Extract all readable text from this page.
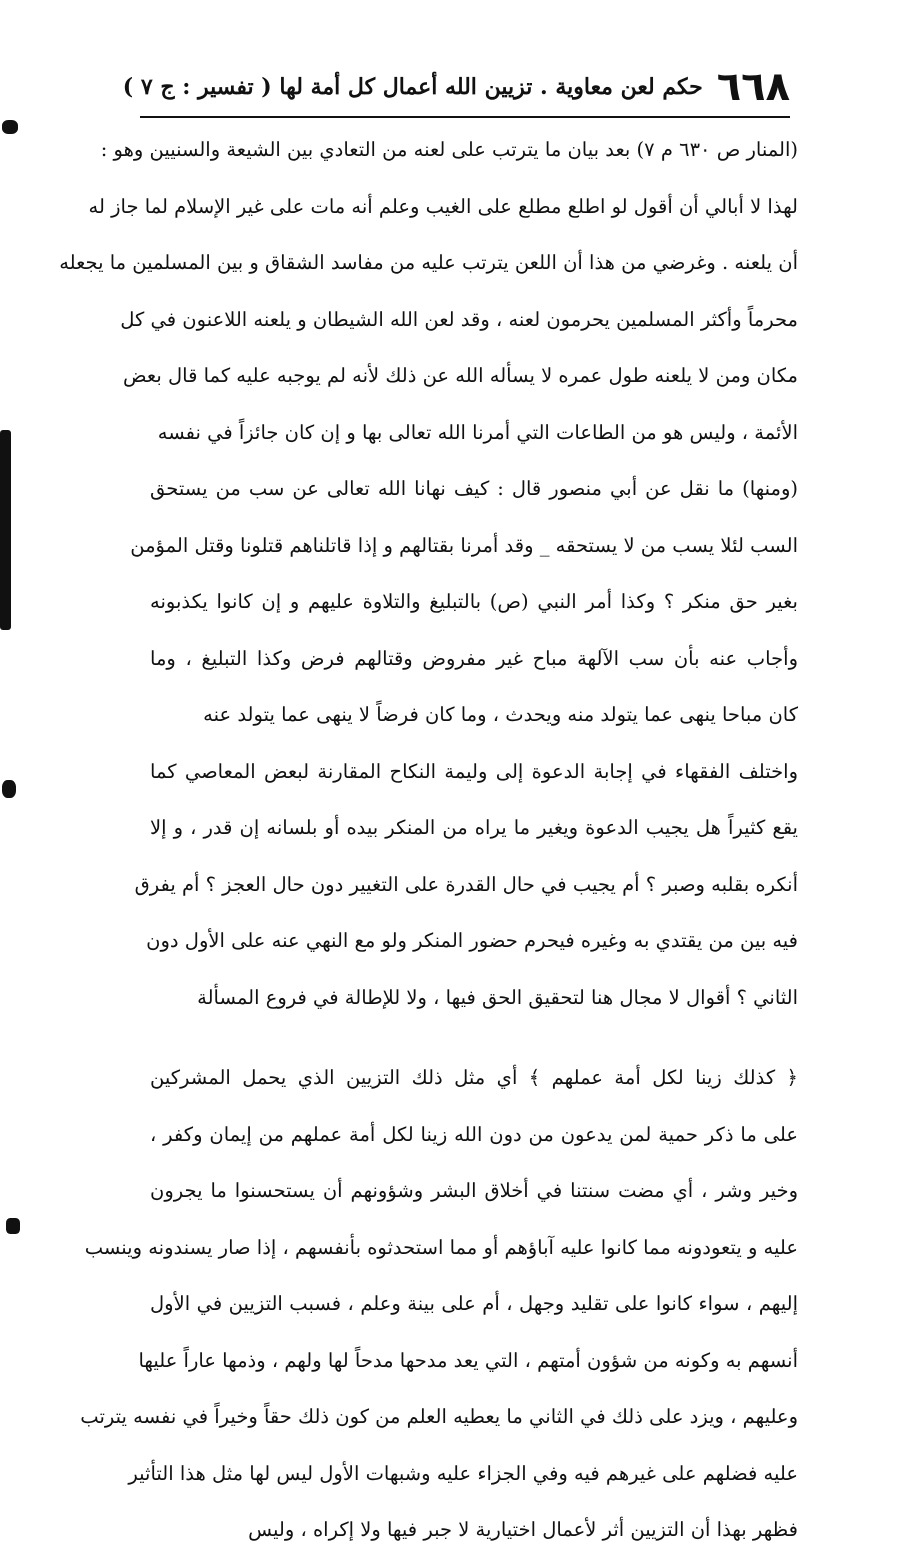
٦٦٨
حكم لعن معاوية . تزيين الله أعمال كل أمة لها ( تفسير : ج ٧ )
(المنار ص ٦٣٠ م ٧) بعد بيان ما يترتب على لعنه من التعادي بين الشيعة والسنيين وهو :
لهذا لا أبالي أن أقول لو اطلع مطلع على الغيب وعلم أنه مات على غير الإسلام لما جاز له
أن يلعنه . وغرضي من هذا أن اللعن يترتب عليه من مفاسد الشقاق و بين المسلمين ما يجعله
محرماً وأكثر المسلمين يحرمون لعنه ، وقد لعن الله الشيطان و يلعنه اللاعنون في كل
مكان ومن لا يلعنه طول عمره لا يسأله الله عن ذلك لأنه لم يوجبه عليه كما قال بعض
الأئمة ، وليس هو من الطاعات التي أمرنا الله تعالى بها و إن كان جائزاً في نفسه
(ومنها) ما نقل عن أبي منصور قال : كيف نهانا الله تعالى عن سب من يستحق
السب لئلا يسب من لا يستحقه _ وقد أمرنا بقتالهم و إذا قاتلناهم قتلونا وقتل المؤمن
بغير حق منكر ؟ وكذا أمر النبي (ص) بالتبليغ والتلاوة عليهم و إن كانوا يكذبونه
وأجاب عنه بأن سب الآلهة مباح غير مفروض وقتالهم فرض وكذا التبليغ ، وما
كان مباحا ينهى عما يتولد منه ويحدث ، وما كان فرضاً لا ينهى عما يتولد عنه
واختلف الفقهاء في إجابة الدعوة إلى وليمة النكاح المقارنة لبعض المعاصي كما
يقع كثيراً هل يجيب الدعوة ويغير ما يراه من المنكر بيده أو بلسانه إن قدر ، و إلا
أنكره بقلبه وصبر ؟ أم يجيب في حال القدرة على التغيير دون حال العجز ؟ أم يفرق
فيه بين من يقتدي به وغيره فيحرم حضور المنكر ولو مع النهي عنه على الأول دون
الثاني ؟ أقوال لا مجال هنا لتحقيق الحق فيها ، ولا للإطالة في فروع المسألة
﴿ كذلك زينا لكل أمة عملهم ﴾ أي مثل ذلك التزيين الذي يحمل المشركين
على ما ذكر حمية لمن يدعون من دون الله زينا لكل أمة عملهم من إيمان وكفر ،
وخير وشر ، أي مضت سنتنا في أخلاق البشر وشؤونهم أن يستحسنوا ما يجرون
عليه و يتعودونه مما كانوا عليه آباؤهم أو مما استحدثوه بأنفسهم ، إذا صار يسندونه وينسب
إليهم ، سواء كانوا على تقليد وجهل ، أم على بينة وعلم ، فسبب التزيين في الأول
أنسهم به وكونه من شؤون أمتهم ، التي يعد مدحها مدحاً لها ولهم ، وذمها عاراً عليها
وعليهم ، ويزد على ذلك في الثاني ما يعطيه العلم من كون ذلك حقاً وخيراً في نفسه يترتب
عليه فضلهم على غيرهم فيه وفي الجزاء عليه وشبهات الأول ليس لها مثل هذا التأثير
فظهر بهذا أن التزيين أثر لأعمال اختيارية لا جبر فيها ولا إكراه ، وليس
